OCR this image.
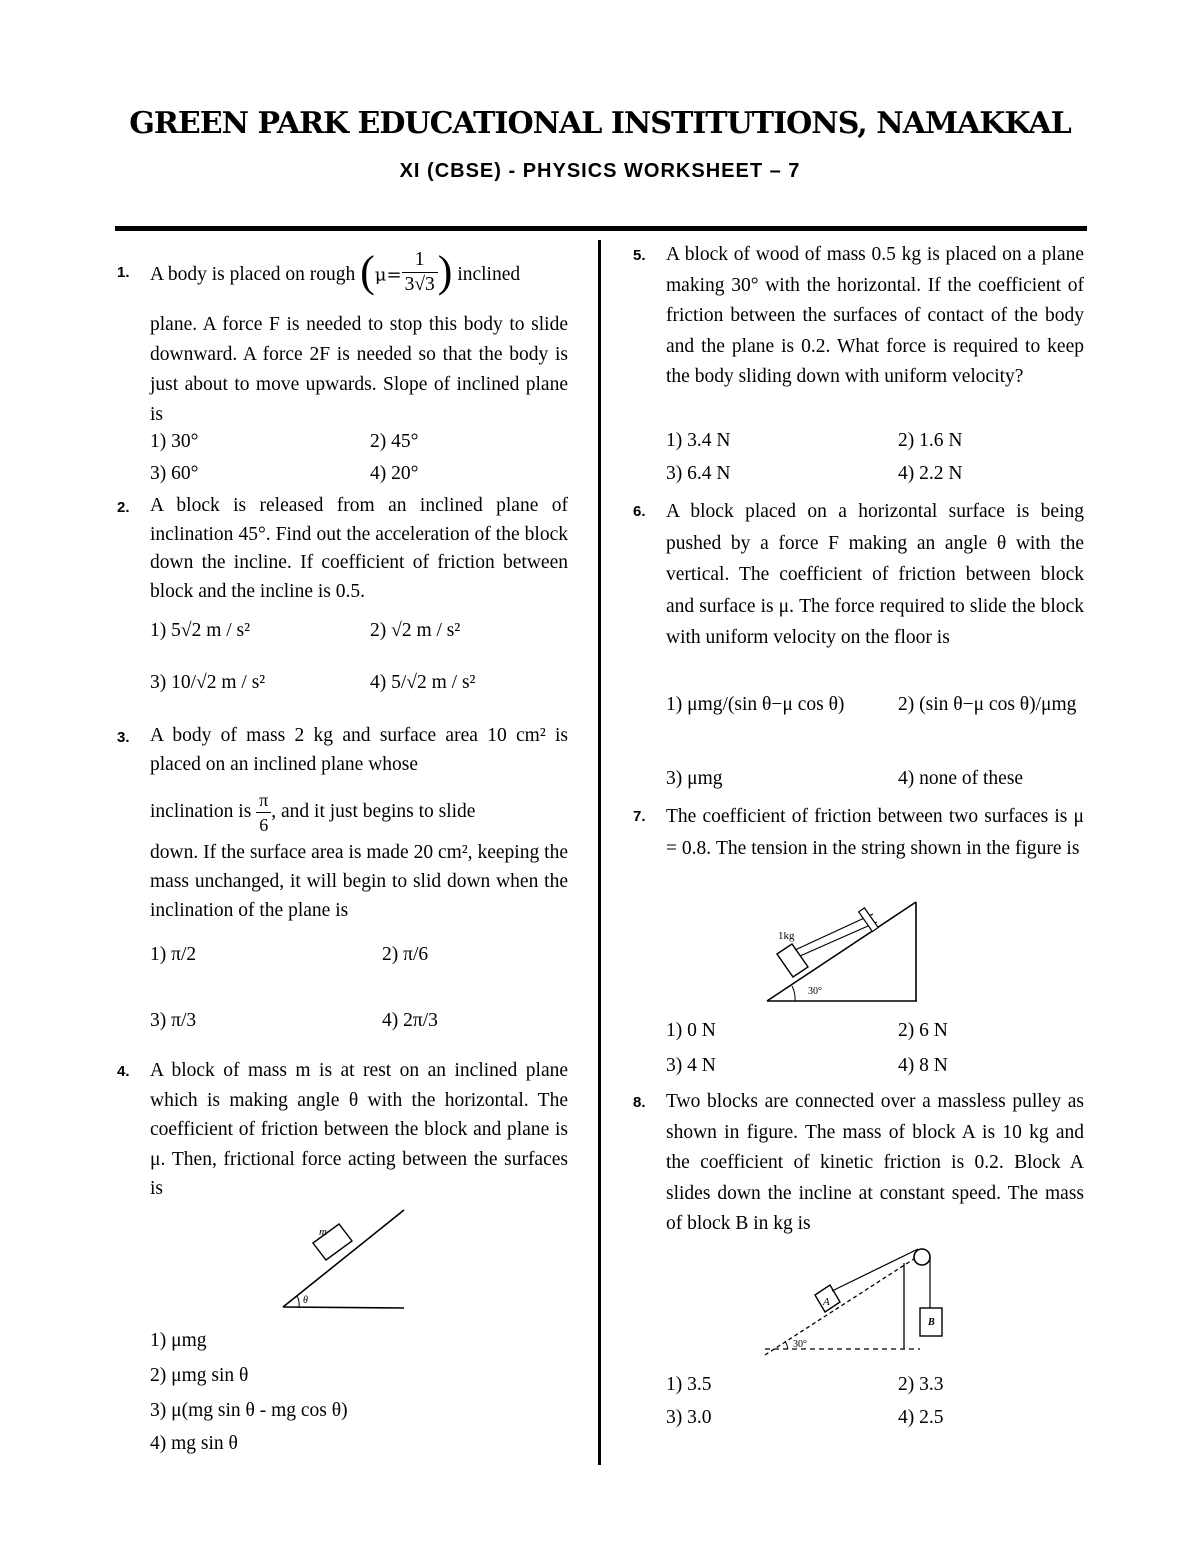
GREEN PARK EDUCATIONAL INSTITUTIONS, NAMAKKAL
XI (CBSE) - PHYSICS WORKSHEET – 7
1. A body is placed on rough ($\mu= \frac{1}{3√3}$ ) inclined
plane. A force F is needed to stop this body to slide downward. A force 2F is needed so that the body is just about to move upwards. Slope of inclined plane is
1) 30°	2) 45°
3) 60°	4) 20°
2. A block is released from an inclined plane of inclination 45°. Find out the acceleration of the block down the incline. If coefficient of friction between block and the incline is 0.5.
1) 5√2 m / s²	2) √2 m / s²
3) 10/√2 m / s²	4) 5/√2 m / s²
3. A body of mass 2 kg and surface area 10 cm² is placed on an inclined plane whose
inclination is $\frac{\pi}{6}$ , and it just begins to slide
down. If the surface area is made 20 cm², keeping the mass unchanged, it will begin to slid down when the inclination of the plane is
1) π/2	2) π/6
3) π/3	4) 2π/3
4. A block of mass m is at rest on an inclined plane which is making angle θ with the horizontal. The coefficient of friction between the block and plane is μ. Then, frictional force acting between the surfaces is
m
θ
1) μmg
2) μmg sin θ
3) μ(mg sin θ - mg cos θ)
4) mg sin θ
5. A block of wood of mass 0.5 kg is placed on a plane making 30° with the horizontal. If the coefficient of friction between the surfaces of contact of the body and the plane is 0.2. What force is required to keep the body sliding down with uniform velocity?
1) 3.4 N	2) 1.6 N
3) 6.4 N	4) 2.2 N
6. A block placed on a horizontal surface is being pushed by a force F making an angle θ with the vertical. The coefficient of friction between block and surface is μ. The force required to slide the block with uniform velocity on the floor is
1) μmg/(sin θ−μ cos θ)	2) (sin θ−μ cos θ)/μmg
3) μmg	4) none of these
7. The coefficient of friction between two surfaces is μ = 0.8. The tension in the string shown in the figure is
1kg
30°
1) 0 N	2) 6 N
3) 4 N	4) 8 N
8. Two blocks are connected over a massless pulley as shown in figure. The mass of block A is 10 kg and the coefficient of kinetic friction is 0.2. Block A slides down the incline at constant speed. The mass of block B in kg is
A
B
30°
1) 3.5	2) 3.3
3) 3.0	4) 2.5
